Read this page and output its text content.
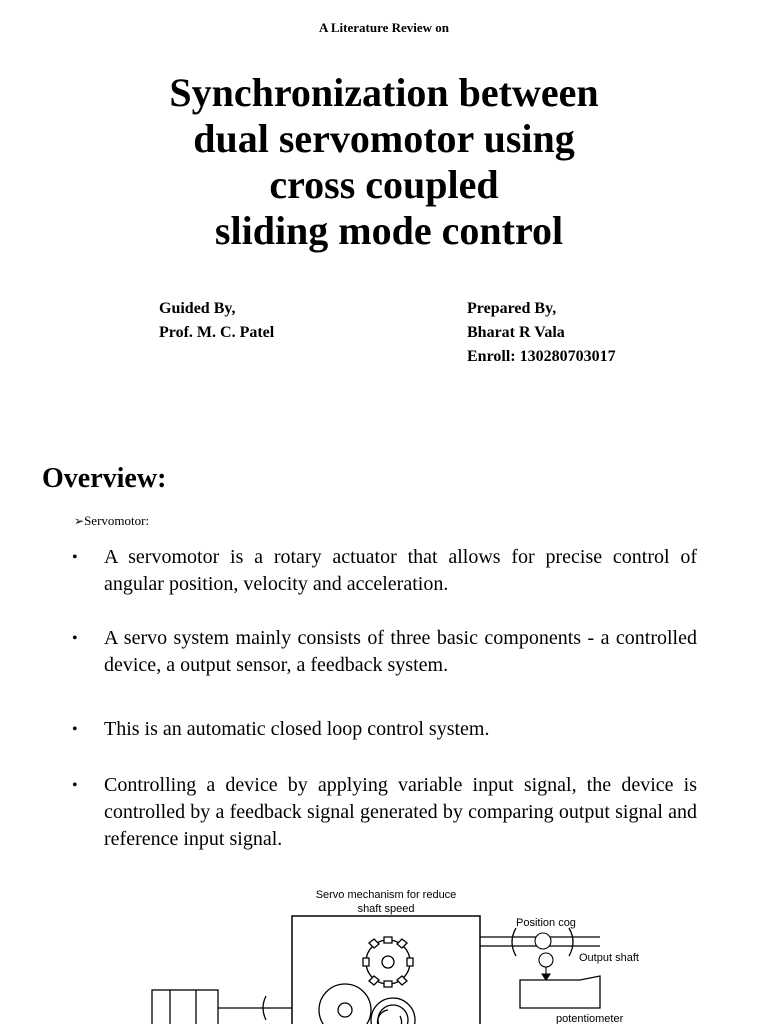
A Literature Review on
Synchronization between
dual servomotor using
cross coupled
sliding mode control
Guided By,
Prof. M. C. Patel
Prepared By,
Bharat R Vala
Enroll: 130280703017
Overview:
➢Servomotor:
• A servomotor is a rotary actuator that allows for precise control of angular position, velocity and acceleration.
• A servo system mainly consists of three basic components - a controlled device, a output sensor, a feedback system.
• This is an automatic closed loop control system.
• Controlling a device by applying variable input signal, the device is controlled by a feedback signal generated by comparing output signal and reference input signal.
Servo mechanism for reduce
shaft speed
Position cog
Output shaft
potentiometer
